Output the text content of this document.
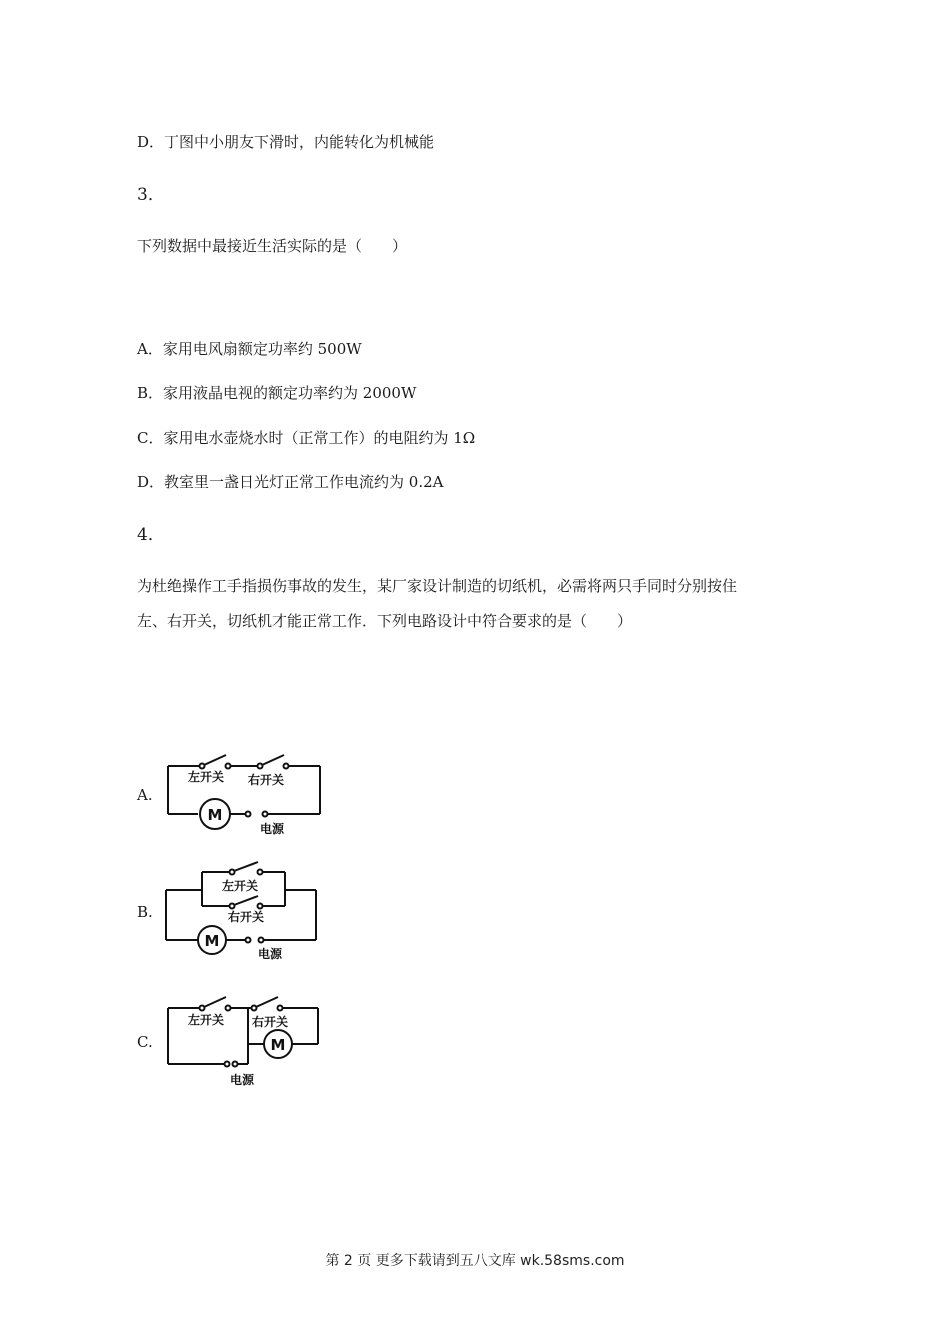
D．丁图中小朋友下滑时，内能转化为机械能
3．
下列数据中最接近生活实际的是（　　）
A．家用电风扇额定功率约 500W
B．家用液晶电视的额定功率约为 2000W
C．家用电水壶烧水时（正常工作）的电阻约为 1Ω
D．教室里一盏日光灯正常工作电流约为 0.2A
4．
为杜绝操作工手指损伤事故的发生，某厂家设计制造的切纸机，必需将两只手同时分别按住
左、右开关，切纸机才能正常工作．下列电路设计中符合要求的是（　　）
A.
M
左开关 右开关
电源
B.
M
左开关
右开关
电源
C.	M
左开关 右开关
电源
第 2 页 更多下载请到五八文库 wk.58sms.com
